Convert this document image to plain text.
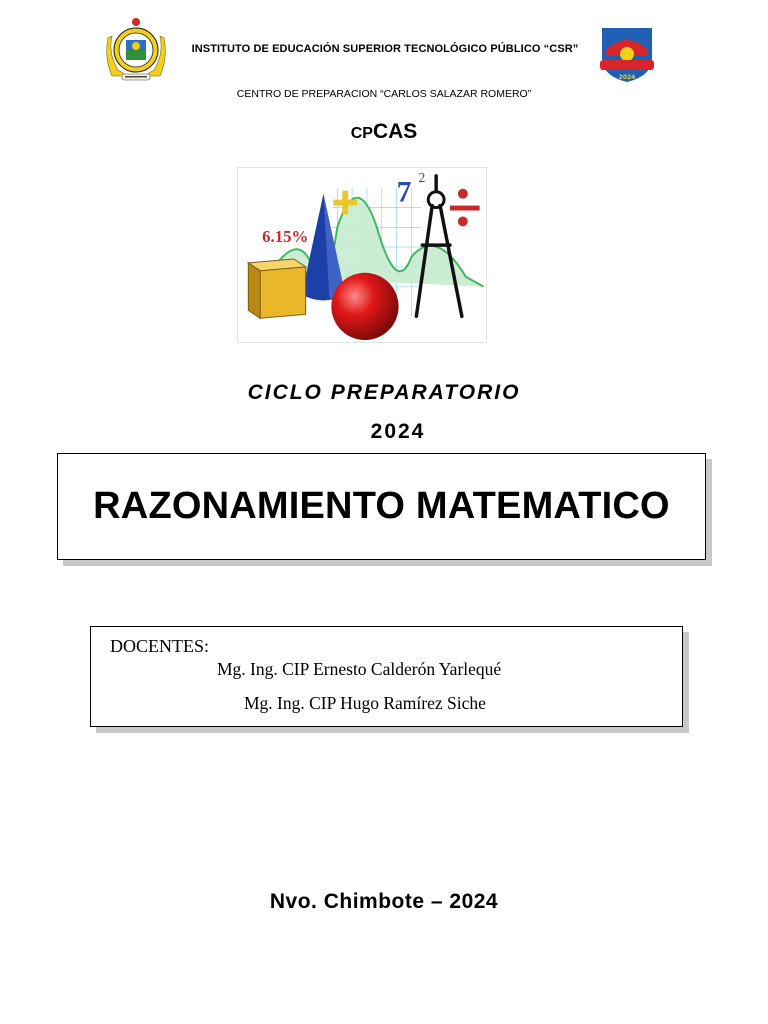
2024
INSTITUTO DE EDUCACIÓN SUPERIOR TECNOLÓGICO PÚBLICO “CSR”
CENTRO DE PREPARACION “CARLOS SALAZAR ROMERO”
CPCAS
7 2
6.15%
CICLO PREPARATORIO
2024
RAZONAMIENTO MATEMATICO
DOCENTES:
Mg. Ing. CIP Ernesto Calderón Yarlequé
Mg. Ing. CIP Hugo Ramírez Siche
Nvo. Chimbote – 2024
